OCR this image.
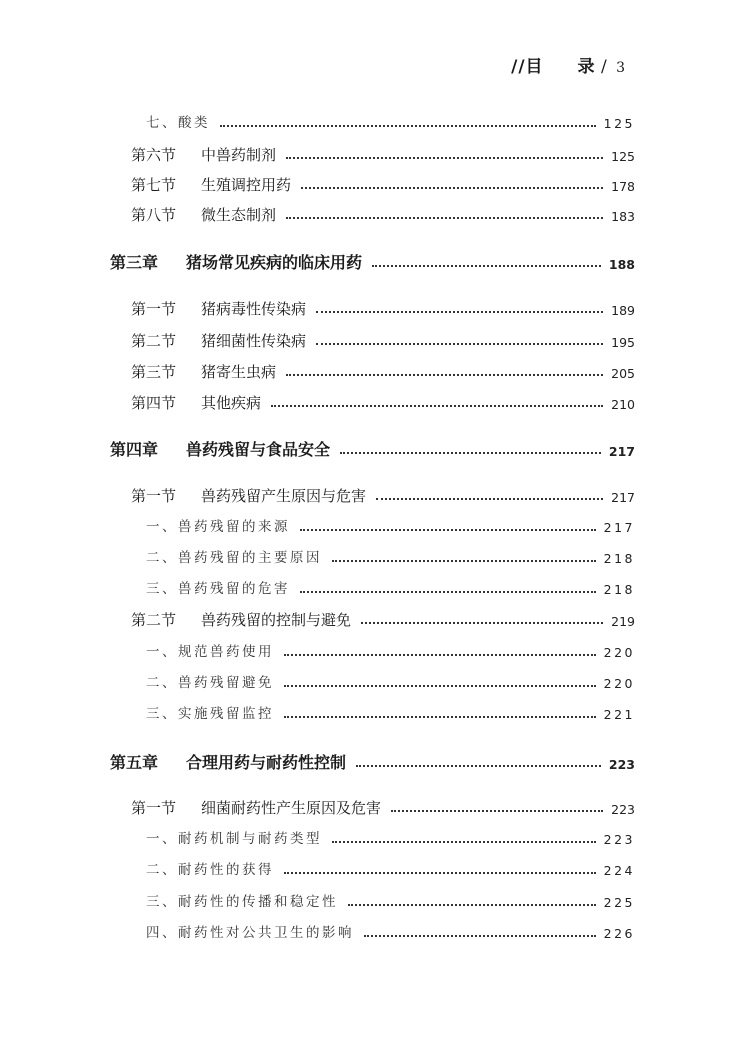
//目 录 / 3
七、 酸类	125
第六节	中兽药制剂	125
第七节	生殖调控用药	178
第八节	微生态制剂	183
第三章	猪场常见疾病的临床用药	188
第一节	猪病毒性传染病	189
第二节	猪细菌性传染病	195
第三节	猪寄生虫病	205
第四节	其他疾病	210
第四章	兽药残留与食品安全	217
第一节	兽药残留产生原因与危害	217
一、 兽药残留的来源	217
二、 兽药残留的主要原因	218
三、 兽药残留的危害	218
第二节	兽药残留的控制与避免	219
一、 规范兽药使用	220
二、 兽药残留避免	220
三、 实施残留监控	221
第五章	合理用药与耐药性控制	223
第一节	细菌耐药性产生原因及危害	223
一、 耐药机制与耐药类型	223
二、 耐药性的获得	224
三、 耐药性的传播和稳定性	225
四、 耐药性对公共卫生的影响	226
